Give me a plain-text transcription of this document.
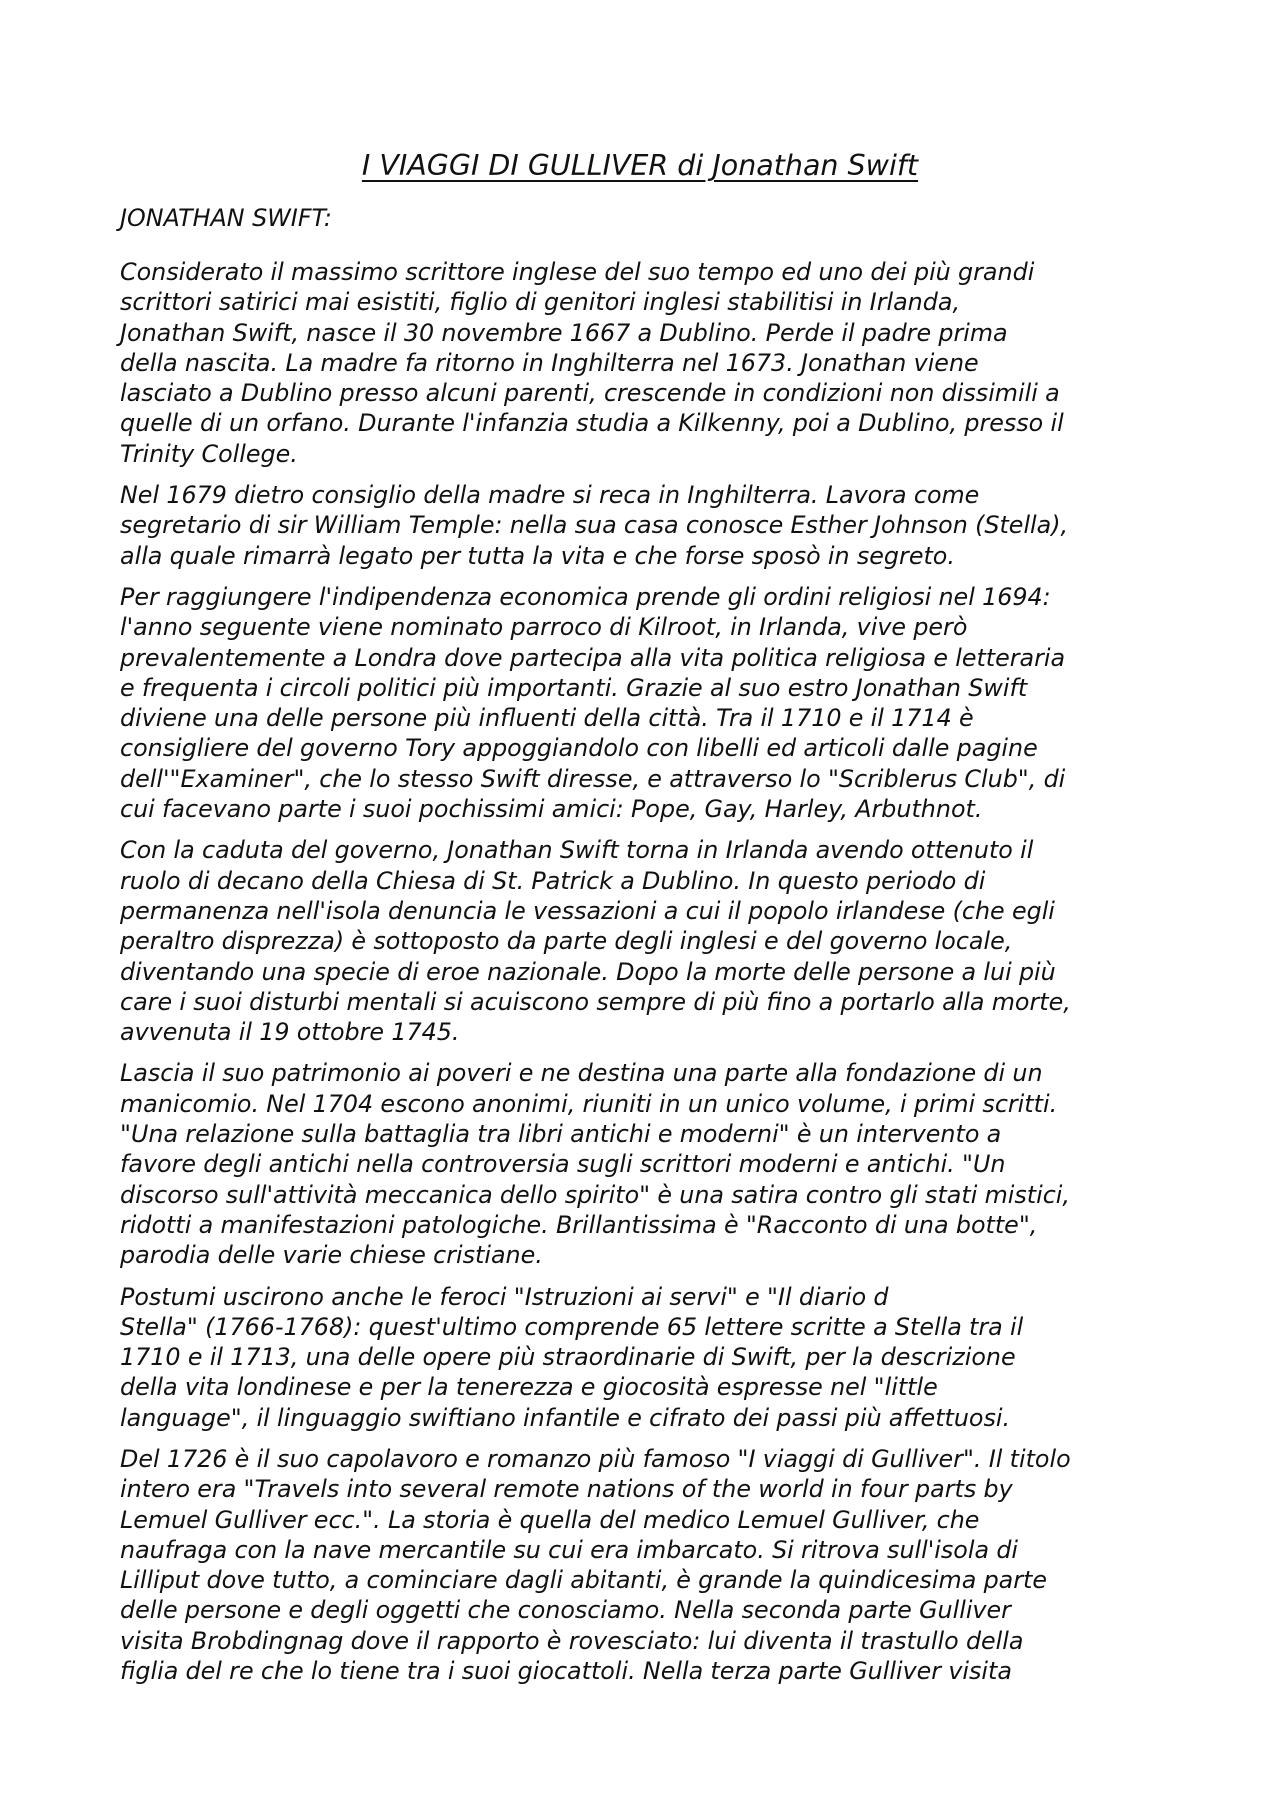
I VIAGGI DI GULLIVER di Jonathan Swift

JONATHAN SWIFT:

Considerato il massimo scrittore inglese del suo tempo ed uno dei più grandi
scrittori satirici mai esistiti, figlio di genitori inglesi stabilitisi in Irlanda,
Jonathan Swift, nasce il 30 novembre 1667 a Dublino. Perde il padre prima
della nascita. La madre fa ritorno in Inghilterra nel 1673. Jonathan viene
lasciato a Dublino presso alcuni parenti, crescende in condizioni non dissimili a
quelle di un orfano. Durante l'infanzia studia a Kilkenny, poi a Dublino, presso il
Trinity College.

Nel 1679 dietro consiglio della madre si reca in Inghilterra. Lavora come
segretario di sir William Temple: nella sua casa conosce Esther Johnson (Stella),
alla quale rimarrà legato per tutta la vita e che forse sposò in segreto.

Per raggiungere l'indipendenza economica prende gli ordini religiosi nel 1694:
l'anno seguente viene nominato parroco di Kilroot, in Irlanda, vive però
prevalentemente a Londra dove partecipa alla vita politica religiosa e letteraria
e frequenta i circoli politici più importanti. Grazie al suo estro Jonathan Swift
diviene una delle persone più influenti della città. Tra il 1710 e il 1714 è
consigliere del governo Tory appoggiandolo con libelli ed articoli dalle pagine
dell'"Examiner", che lo stesso Swift diresse, e attraverso lo "Scriblerus Club", di
cui facevano parte i suoi pochissimi amici: Pope, Gay, Harley, Arbuthnot.

Con la caduta del governo, Jonathan Swift torna in Irlanda avendo ottenuto il
ruolo di decano della Chiesa di St. Patrick a Dublino. In questo periodo di
permanenza nell'isola denuncia le vessazioni a cui il popolo irlandese (che egli
peraltro disprezza) è sottoposto da parte degli inglesi e del governo locale,
diventando una specie di eroe nazionale. Dopo la morte delle persone a lui più
care i suoi disturbi mentali si acuiscono sempre di più fino a portarlo alla morte,
avvenuta il 19 ottobre 1745.

Lascia il suo patrimonio ai poveri e ne destina una parte alla fondazione di un
manicomio. Nel 1704 escono anonimi, riuniti in un unico volume, i primi scritti.
"Una relazione sulla battaglia tra libri antichi e moderni" è un intervento a
favore degli antichi nella controversia sugli scrittori moderni e antichi. "Un
discorso sull'attività meccanica dello spirito" è una satira contro gli stati mistici,
ridotti a manifestazioni patologiche. Brillantissima è "Racconto di una botte",
parodia delle varie chiese cristiane.

Postumi uscirono anche le feroci "Istruzioni ai servi" e "Il diario d
Stella" (1766-1768): quest'ultimo comprende 65 lettere scritte a Stella tra il
1710 e il 1713, una delle opere più straordinarie di Swift, per la descrizione
della vita londinese e per la tenerezza e giocosità espresse nel "little
language", il linguaggio swiftiano infantile e cifrato dei passi più affettuosi.

Del 1726 è il suo capolavoro e romanzo più famoso "I viaggi di Gulliver". Il titolo
intero era "Travels into several remote nations of the world in four parts by
Lemuel Gulliver ecc.". La storia è quella del medico Lemuel Gulliver, che
naufraga con la nave mercantile su cui era imbarcato. Si ritrova sull'isola di
Lilliput dove tutto, a cominciare dagli abitanti, è grande la quindicesima parte
delle persone e degli oggetti che conosciamo. Nella seconda parte Gulliver
visita Brobdingnag dove il rapporto è rovesciato: lui diventa il trastullo della
figlia del re che lo tiene tra i suoi giocattoli. Nella terza parte Gulliver visita
